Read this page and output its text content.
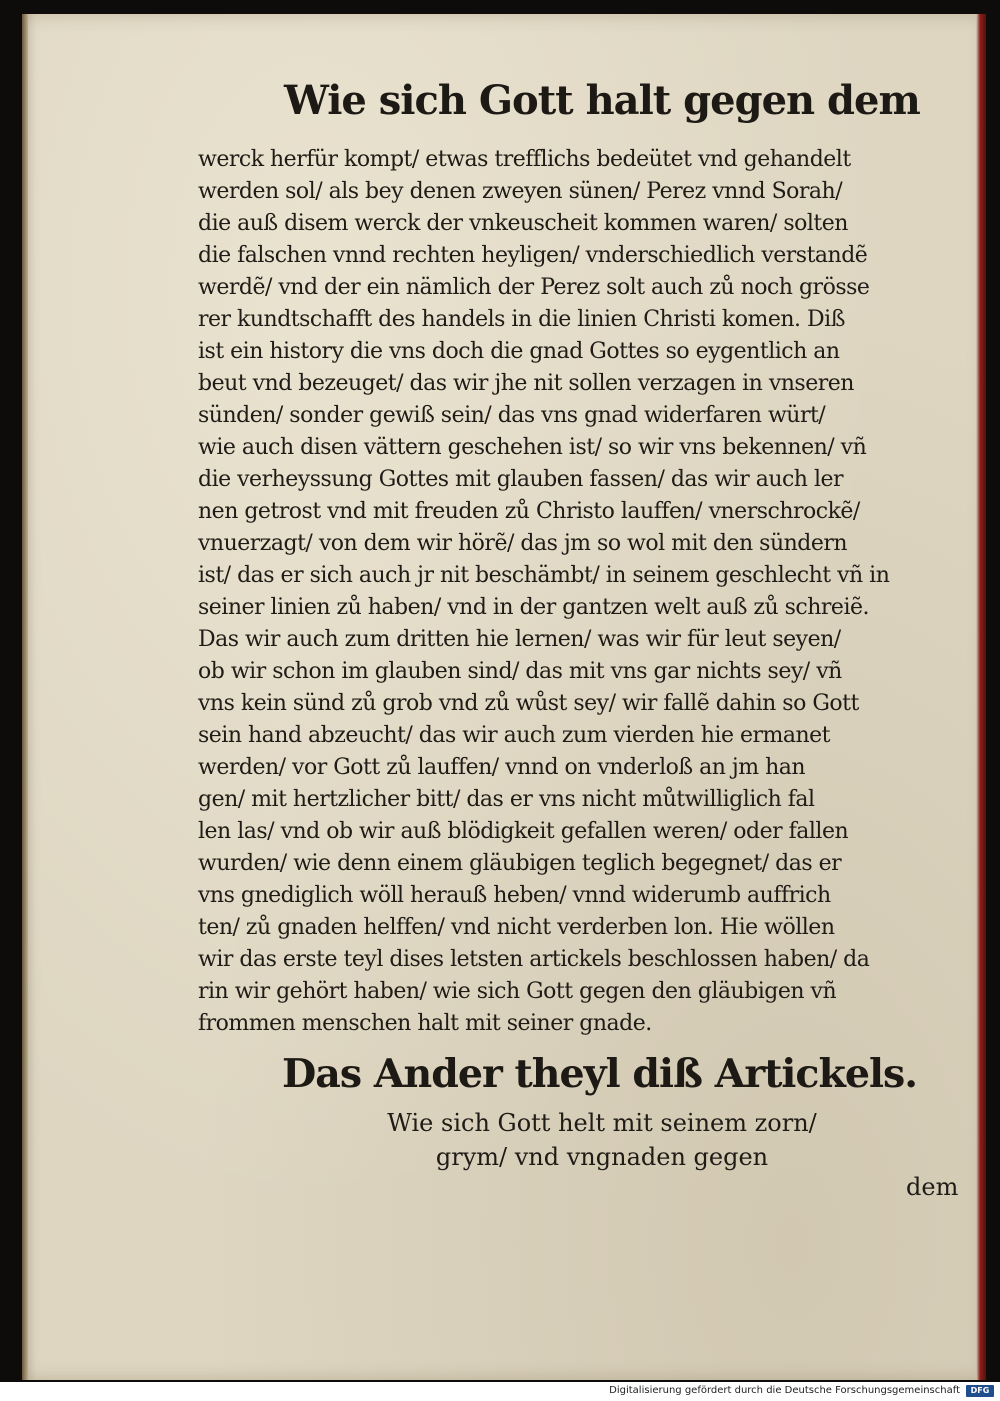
Wie sich Gott halt gegen dem
werck herfür kompt/ etwas trefflichs bedeütet vnd gehandelt
werden sol/ als bey denen zweyen sünen/ Perez vnnd Sorah/
die auß disem werck der vnkeuscheit kommen waren/ solten
die falschen vnnd rechten heyligen/ vnderschiedlich verstandẽ
werdẽ/ vnd der ein nämlich der Perez solt auch zů noch grösse
rer kundtschafft des handels in die linien Christi komen. Diß
ist ein history die vns doch die gnad Gottes so eygentlich an
beut vnd bezeuget/ das wir jhe nit sollen verzagen in vnseren
sünden/ sonder gewiß sein/ das vns gnad widerfaren würt/
wie auch disen vättern geschehen ist/ so wir vns bekennen/ vñ
die verheyssung Gottes mit glauben fassen/ das wir auch ler
nen getrost vnd mit freuden zů Christo lauffen/ vnerschrockẽ/
vnuerzagt/ von dem wir hörẽ/ das jm so wol mit den sündern
ist/ das er sich auch jr nit beschämbt/ in seinem geschlecht vñ in
seiner linien zů haben/ vnd in der gantzen welt auß zů schreiẽ.
Das wir auch zum dritten hie lernen/ was wir für leut seyen/
ob wir schon im glauben sind/ das mit vns gar nichts sey/ vñ
vns kein sünd zů grob vnd zů wůst sey/ wir fallẽ dahin so Gott
sein hand abzeucht/ das wir auch zum vierden hie ermanet
werden/ vor Gott zů lauffen/ vnnd on vnderloß an jm han
gen/ mit hertzlicher bitt/ das er vns nicht můtwilliglich fal
len las/ vnd ob wir auß blödigkeit gefallen weren/ oder fallen
wurden/ wie denn einem gläubigen teglich begegnet/ das er
vns gnediglich wöll herauß heben/ vnnd widerumb auffrich
ten/ zů gnaden helffen/ vnd nicht verderben lon. Hie wöllen
wir das erste teyl dises letsten artickels beschlossen haben/ da
rin wir gehört haben/ wie sich Gott gegen den gläubigen vñ
frommen menschen halt mit seiner gnade.
Das Ander theyl diß Artickels.
Wie sich Gott helt mit seinem zorn/
grym/ vnd vngnaden gegen

dem

Digitalisierung gefördert durch die Deutsche Forschungsgemeinschaft	DFG
